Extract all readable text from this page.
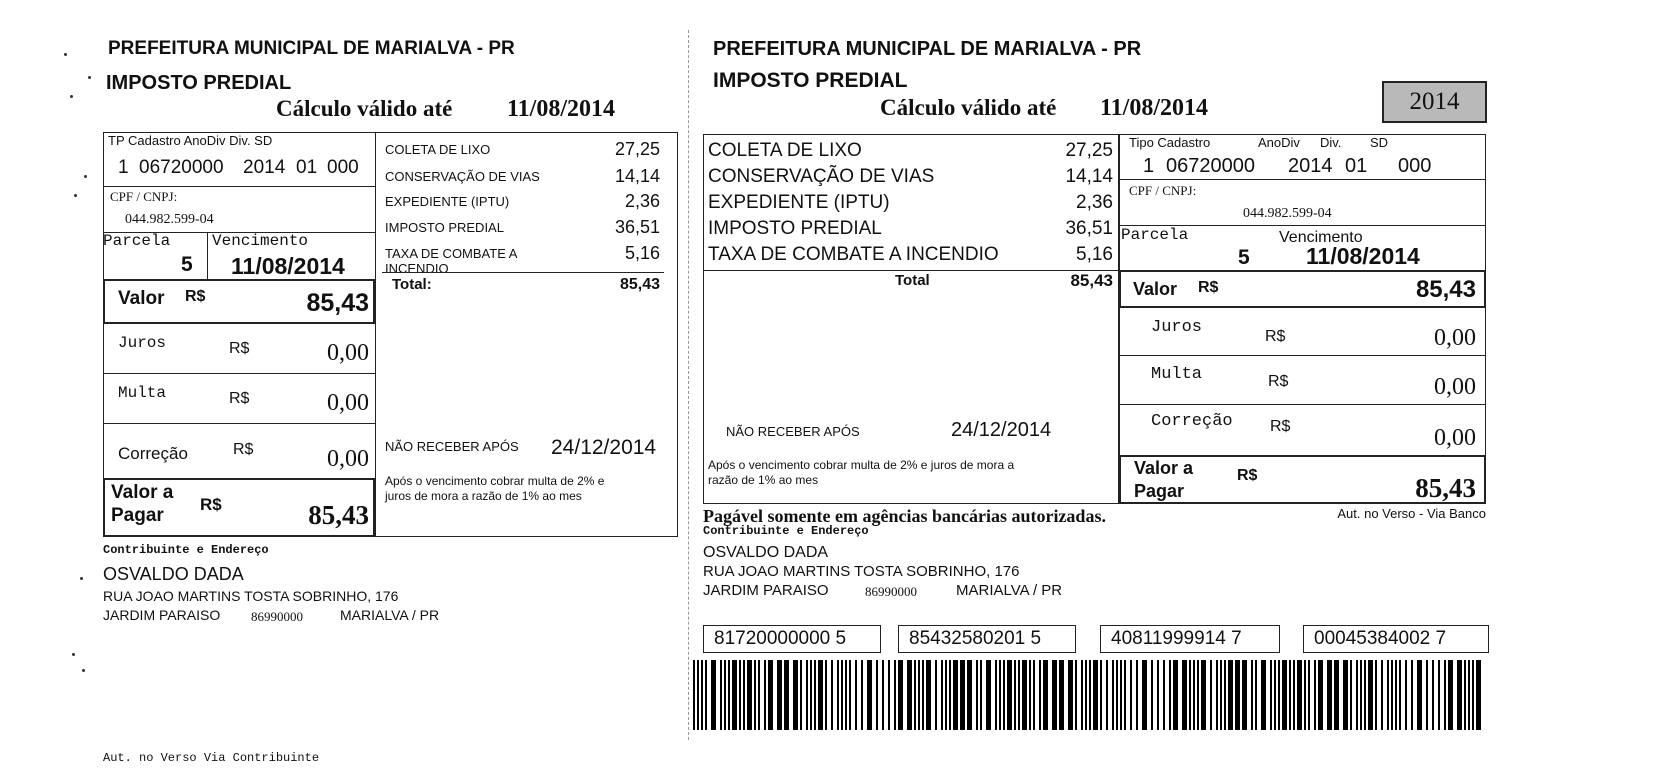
PREFEITURA MUNICIPAL DE MARIALVA - PR
IMPOSTO PREDIAL
Cálculo válido até 11/08/2014
TP Cadastro AnoDiv Div. SD
1 06720000 2014 01 000
CPF / CNPJ:
044.982.599-04
Parcela
5
Vencimento
11/08/2014
Valor R$	85,43
Juros	R$	0,00
Multa	R$	0,00
Correção	R$	0,00
Valor a
Pagar
R$	85,43
COLETA DE LIXO	27,25
CONSERVAÇÃO DE VIAS	14,14
EXPEDIENTE (IPTU)	2,36
IMPOSTO PREDIAL	36,51
TAXA DE COMBATE A	5,16
INCENDIO
Total:	85,43
NÃO RECEBER APÓS 24/12/2014
Após o vencimento cobrar multa de 2% e
juros de mora a razão de 1% ao mes
Contribuinte e Endereço
OSVALDO DADA
RUA JOAO MARTINS TOSTA SOBRINHO, 176
JARDIM PARAISO 86990000	MARIALVA / PR
Aut. no Verso Via Contribuinte
PREFEITURA MUNICIPAL DE MARIALVA - PR
IMPOSTO PREDIAL
Cálculo válido até 11/08/2014	2014
COLETA DE LIXO	27,25
CONSERVAÇÃO DE VIAS	14,14
EXPEDIENTE (IPTU)	2,36
IMPOSTO PREDIAL	36,51
TAXA DE COMBATE A INCENDIO	5,16
Total	85,43
NÃO RECEBER APÓS	24/12/2014
Após o vencimento cobrar multa de 2% e juros de mora a
razão de 1% ao mes
Tipo Cadastro	AnoDiv Div. SD
1 06720000 2014 01 000
CPF / CNPJ:
044.982.599-04
Parcela
5
Vencimento
11/08/2014
Valor R$	85,43
Juros	R$	0,00
Multa	R$	0,00
Correção R$	0,00
Valor a
Pagar
R$	85,43
Pagável somente em agências bancárias autorizadas.	Aut. no Verso - Via Banco
Contribuinte e Endereço
OSVALDO DADA
RUA JOAO MARTINS TOSTA SOBRINHO, 176
JARDIM PARAISO	86990000	MARIALVA / PR
81720000000 5	85432580201 5	40811999914 7	00045384002 7
